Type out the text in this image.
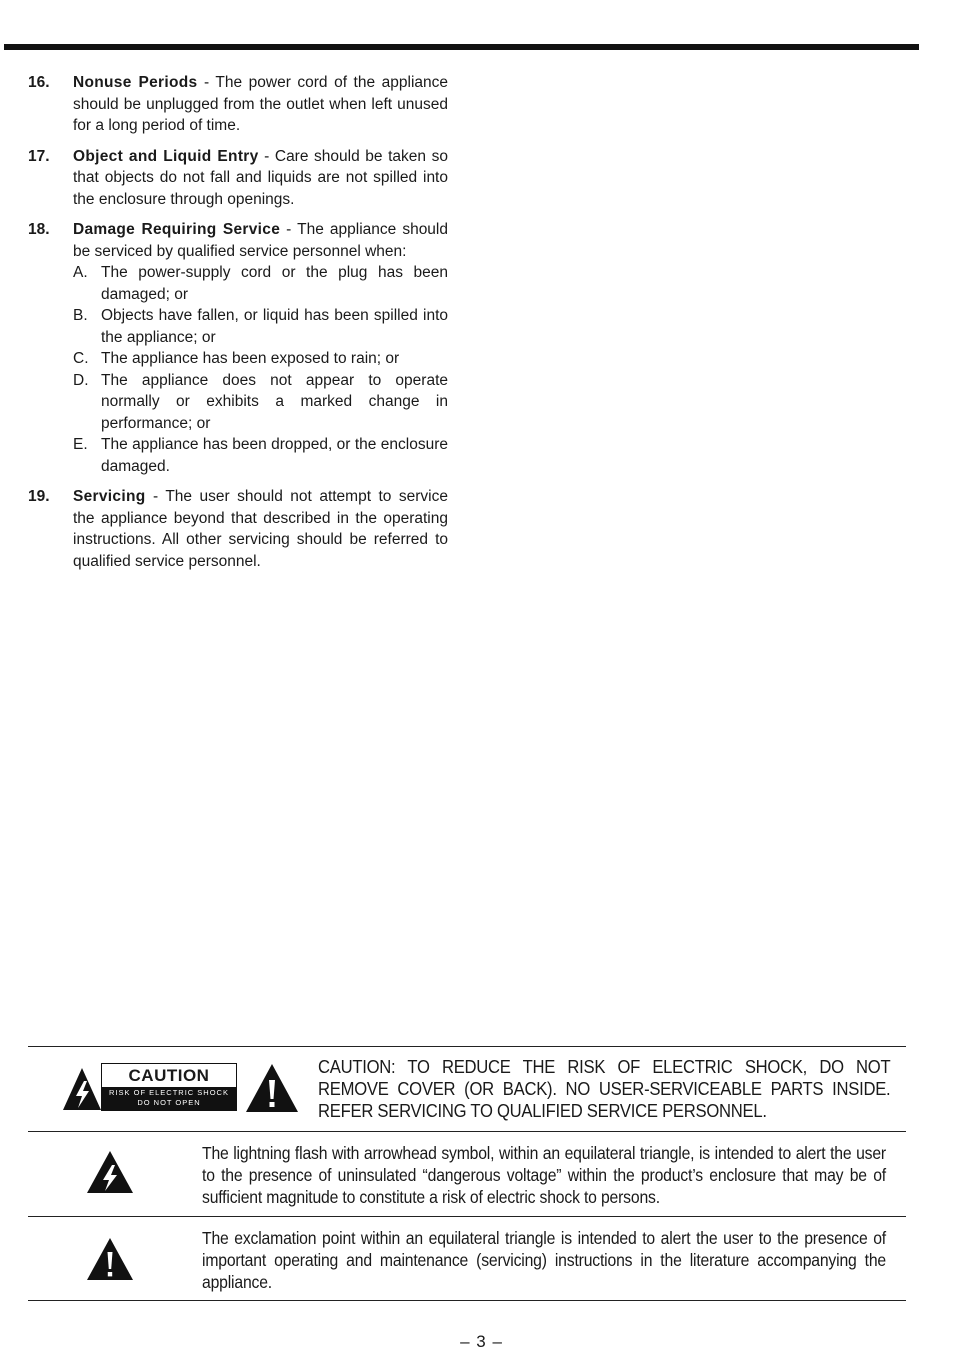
16. Nonuse Periods - The power cord of the appliance should be unplugged from the outlet when left unused for a long period of time.
17. Object and Liquid Entry - Care should be taken so that objects do not fall and liquids are not spilled into the enclosure through openings.
18. Damage Requiring Service - The appliance should be serviced by qualified service personnel when:
A. The power-supply cord or the plug has been damaged; or
B. Objects have fallen, or liquid has been spilled into the appliance; or
C. The appliance has been exposed to rain; or
D. The appliance does not appear to operate normally or exhibits a marked change in performance; or
E. The appliance has been dropped, or the enclosure damaged.
19. Servicing - The user should not attempt to service the appliance beyond that described in the operating instructions. All other servicing should be referred to qualified service personnel.
CAUTION
RISK OF ELECTRIC SHOCK
DO NOT OPEN
CAUTION: TO REDUCE THE RISK OF ELECTRIC SHOCK, DO NOT REMOVE COVER (OR BACK). NO USER-SERVICEABLE PARTS INSIDE. REFER SERVICING TO QUALIFIED SERVICE PERSONNEL.
The lightning flash with arrowhead symbol, within an equilateral triangle, is intended to alert the user to the presence of uninsulated “dangerous voltage” within the product’s enclosure that may be of sufficient magnitude to constitute a risk of electric shock to persons.
The exclamation point within an equilateral triangle is intended to alert the user to the presence of important operating and maintenance (servicing) instructions in the literature accompanying the appliance.
– 3 –
